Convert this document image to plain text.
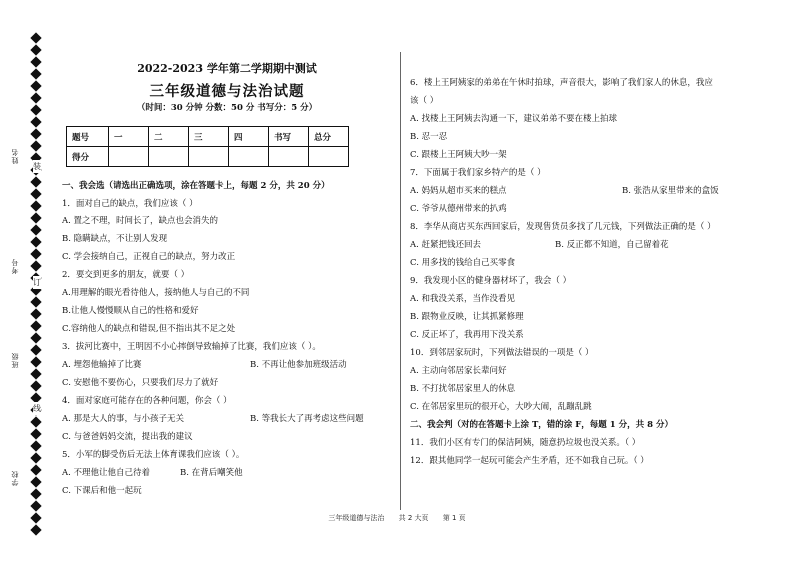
姓名
考号
班级
学校
装
订
线
2022-2023 学年第二学期期中测试
三年级道德与法治试题
（时间：30 分钟 分数：50 分 书写分：5 分）
题号	一	二	三	四	书写	总分
得分						
一、我会选（请选出正确选项，涂在答题卡上，每题 2 分，共 20 分）
1．面对自己的缺点，我们应该（ ）
A. 置之不理，时间长了，缺点也会消失的
B. 隐瞒缺点，不让别人发现
C. 学会接纳自己，正视自己的缺点，努力改正
2．要交到更多的朋友，就要（ ）
A.用理解的眼光看待他人，接纳他人与自己的不同
B.让他人慢慢顺从自己的性格和爱好
C.容纳他人的缺点和错误,但不指出其不足之处
3．拔河比赛中，王明因不小心摔倒导致输掉了比赛，我们应该（ ）。
A. 埋怨他输掉了比赛	B. 不再让他参加班级活动
C. 安慰他不要伤心，只要我们尽力了就好
4．面对家庭可能存在的各种问题，你会（ ）
A. 那是大人的事，与小孩子无关	B. 等我长大了再考虑这些问题
C. 与爸爸妈妈交流，提出我的建议
5．小军的脚受伤后无法上体育课我们应该（ ）。
A. 不理他让他自己待着	B. 在背后嘲笑他
C. 下课后和他一起玩
6．楼上王阿姨家的弟弟在午休时拍球，声音很大，影响了我们家人的休息，我应
该（ ）
A. 找楼上王阿姨去沟通一下，建议弟弟不要在楼上拍球
B. 忍一忍
C. 跟楼上王阿姨大吵一架
7．下面属于我们家乡特产的是（ ）
A. 妈妈从超市买来的糕点	B. 张浩从家里带来的盒饭
C. 爷爷从德州带来的扒鸡
8．李华从商店买东西回家后，发现售货员多找了几元钱，下列做法正确的是（ ）
A. 赶紧把钱还回去	B. 反正都不知道，自己留着花
C. 用多找的钱给自己买零食
9．我发现小区的健身器材坏了，我会（ ）
A. 和我没关系，当作没看见
B. 跟物业反映，让其抓紧修理
C. 反正坏了，我再用下没关系
10．到邻居家玩时，下列做法错误的一项是（ ）
A. 主动向邻居家长辈问好
B. 不打扰邻居家里人的休息
C. 在邻居家里玩的很开心，大吵大闹，乱蹦乱跳
二、我会判（对的在答题卡上涂 T，错的涂 F，每题 1 分，共 8 分）
11．我们小区有专门的保洁阿姨，随意扔垃圾也没关系。（ ）
12．跟其他同学一起玩可能会产生矛盾，还不如我自己玩。（ ）
三年级道德与法治 共 2 大页 第 1 页
